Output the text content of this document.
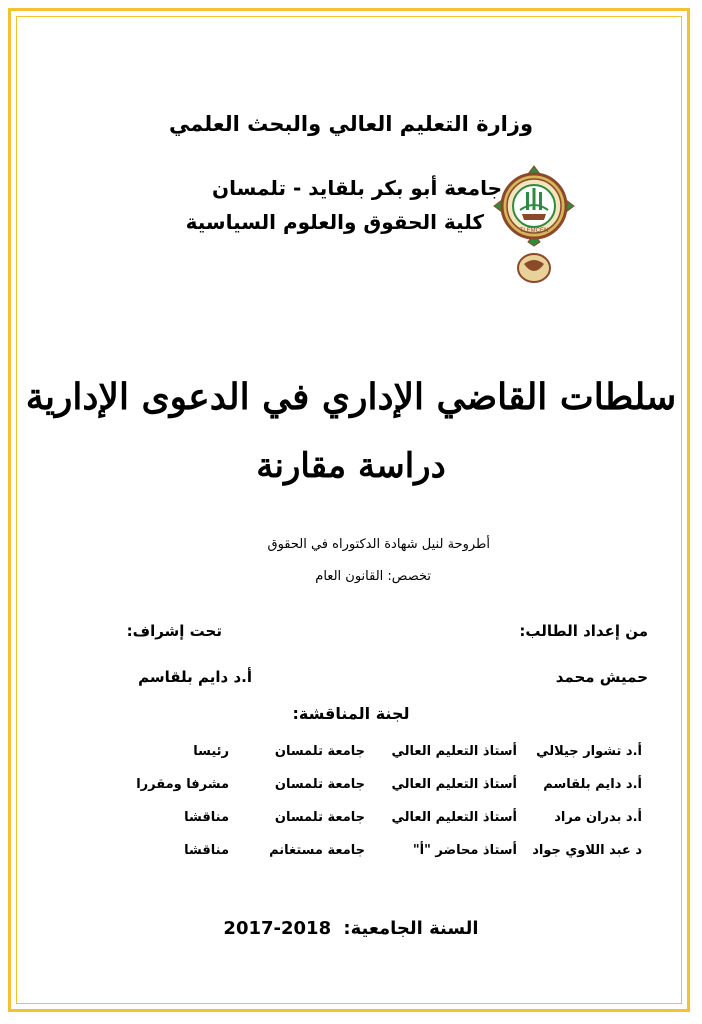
وزارة التعليم العالي والبحث العلمي
جامعة أبو بكر بلقايد - تلمسان
كلية الحقوق والعلوم السياسية	TLEMCEN
سلطات القاضي الإداري في الدعوى الإدارية
دراسة مقارنة
أطروحة لنيل شهادة الدكتوراه في الحقوق
تخصص: القانون العام
من إعداد الطالب:
تحت إشراف:
حميش محمد
أ.د دايم بلقاسم
لجنة المناقشة:
أ.د تشوار جيلالي
أستاذ التعليم العالي
جامعة تلمسان
رئيسا
أ.د دايم بلقاسم
أستاذ التعليم العالي
جامعة تلمسان
مشرفا ومقررا
أ.د بدران مراد
أستاذ التعليم العالي
جامعة تلمسان
مناقشا
د عبد اللاوي جواد
أستاذ محاضر "أ"
جامعة مستغانم
مناقشا
السنة الجامعية: 2017-2018
